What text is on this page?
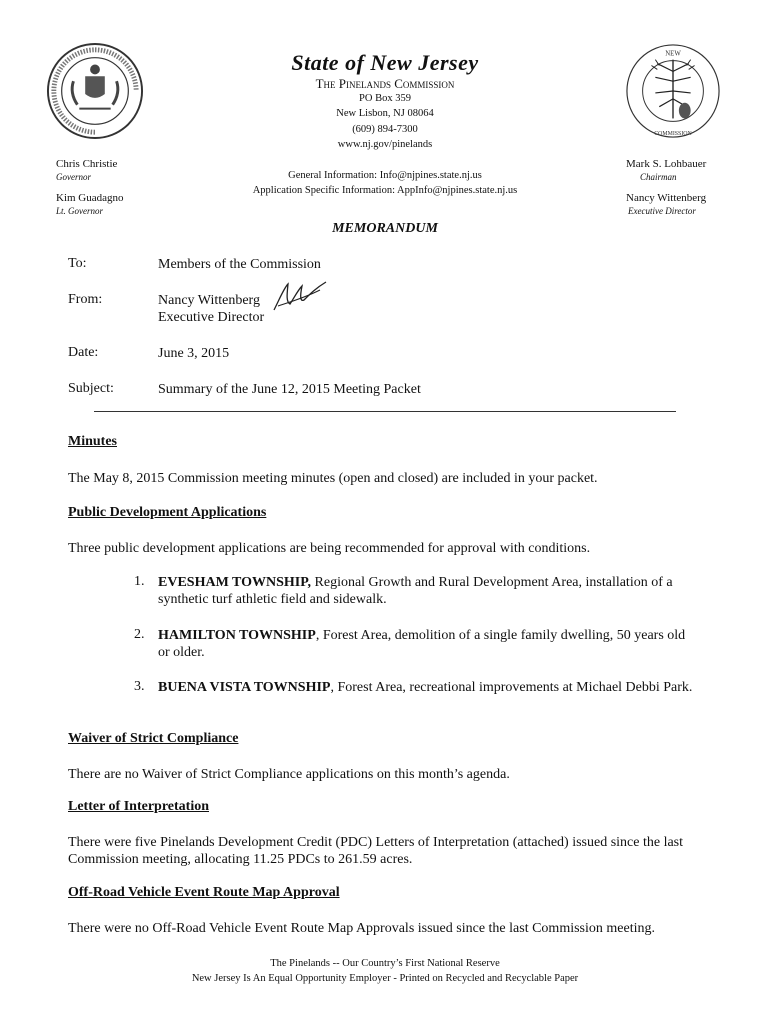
NEW
COMMISSION
State of New Jersey
The Pinelands Commission
PO Box 359
New Lisbon, NJ 08064
(609) 894-7300
www.nj.gov/pinelands
General Information: Info@njpines.state.nj.us
Application Specific Information: AppInfo@njpines.state.nj.us
Chris Christie
Governor
Kim Guadagno
Lt. Governor
Mark S. Lohbauer
Chairman
Nancy Wittenberg
Executive Director
MEMORANDUM
To:	Members of the Commission
From:	Nancy Wittenberg
Executive Director
Date:	June 3, 2015
Subject:	Summary of the June 12, 2015 Meeting Packet
Minutes
The May 8, 2015 Commission meeting minutes (open and closed) are included in your packet.
Public Development Applications
Three public development applications are being recommended for approval with conditions.
1. EVESHAM TOWNSHIP, Regional Growth and Rural Development Area, installation of a synthetic turf athletic field and sidewalk.
2. HAMILTON TOWNSHIP, Forest Area, demolition of a single family dwelling, 50 years old or older.
3. BUENA VISTA TOWNSHIP, Forest Area, recreational improvements at Michael Debbi Park.
Waiver of Strict Compliance
There are no Waiver of Strict Compliance applications on this month’s agenda.
Letter of Interpretation
There were five Pinelands Development Credit (PDC) Letters of Interpretation (attached) issued since the last Commission meeting, allocating 11.25 PDCs to 261.59 acres.
Off-Road Vehicle Event Route Map Approval
There were no Off-Road Vehicle Event Route Map Approvals issued since the last Commission meeting.
The Pinelands -- Our Country’s First National Reserve
New Jersey Is An Equal Opportunity Employer - Printed on Recycled and Recyclable Paper
